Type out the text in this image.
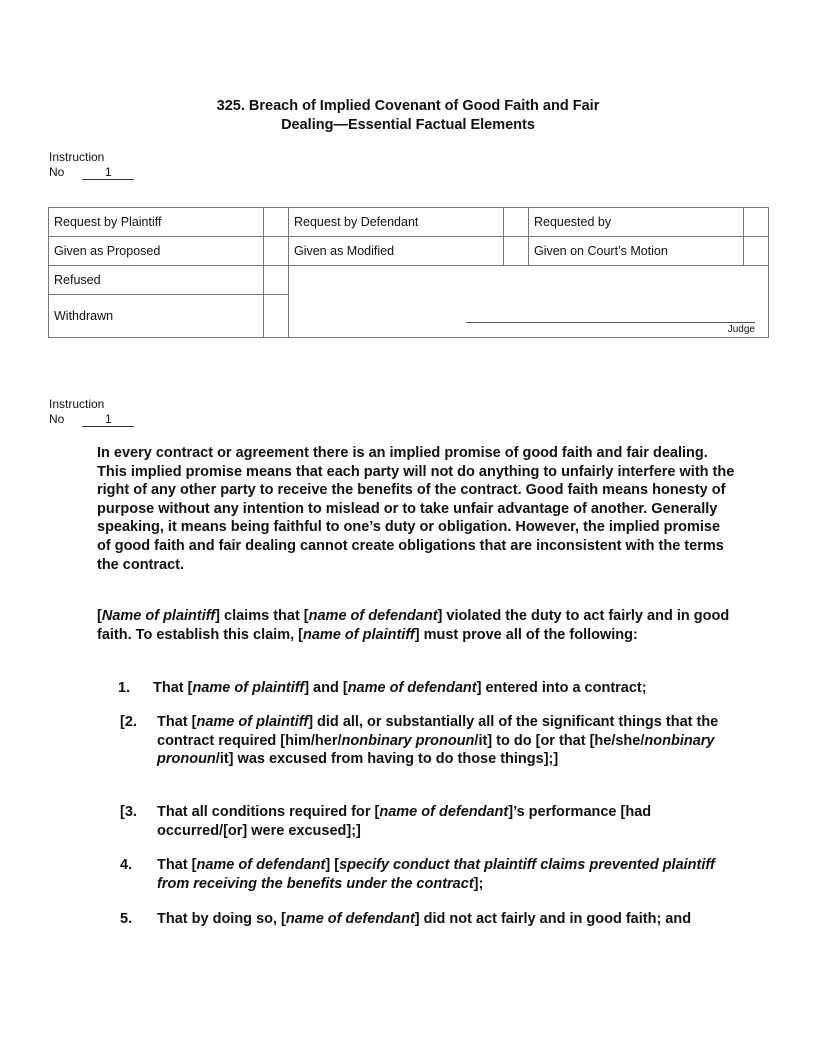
325. Breach of Implied Covenant of Good Faith and Fair
Dealing—Essential Factual Elements
Instruction
No	1
Request by Plaintiff		Request by Defendant		Requested by	
Given as Proposed		Given as Modified		Given on Court’s Motion	
Refused		Judge			

Withdrawn					
Instruction
No	1

In every contract or agreement there is an implied promise of good faith and fair dealing. This implied promise means that each party will not do anything to unfairly interfere with the right of any other party to receive the benefits of the contract. Good faith means honesty of purpose without any intention to mislead or to take unfair advantage of another. Generally speaking, it means being faithful to one’s duty or obligation. However, the implied promise of good faith and fair dealing cannot create obligations that are inconsistent with the terms the contract.

[Name of plaintiff] claims that [name of defendant] violated the duty to act fairly and in good faith. To establish this claim, [name of plaintiff] must prove all of the following:

1.	That [name of plaintiff] and [name of defendant] entered into a contract;
[2.	That [name of plaintiff] did all, or substantially all of the significant things that the contract required [him/her/nonbinary pronoun/it] to do [or that [he/she/nonbinary pronoun/it] was excused from having to do those things];]
[3.	That all conditions required for [name of defendant]’s performance [had occurred/[or] were excused];]
4.	That [name of defendant] [specify conduct that plaintiff claims prevented plaintiff from receiving the benefits under the contract];
5.	That by doing so, [name of defendant] did not act fairly and in good faith; and
